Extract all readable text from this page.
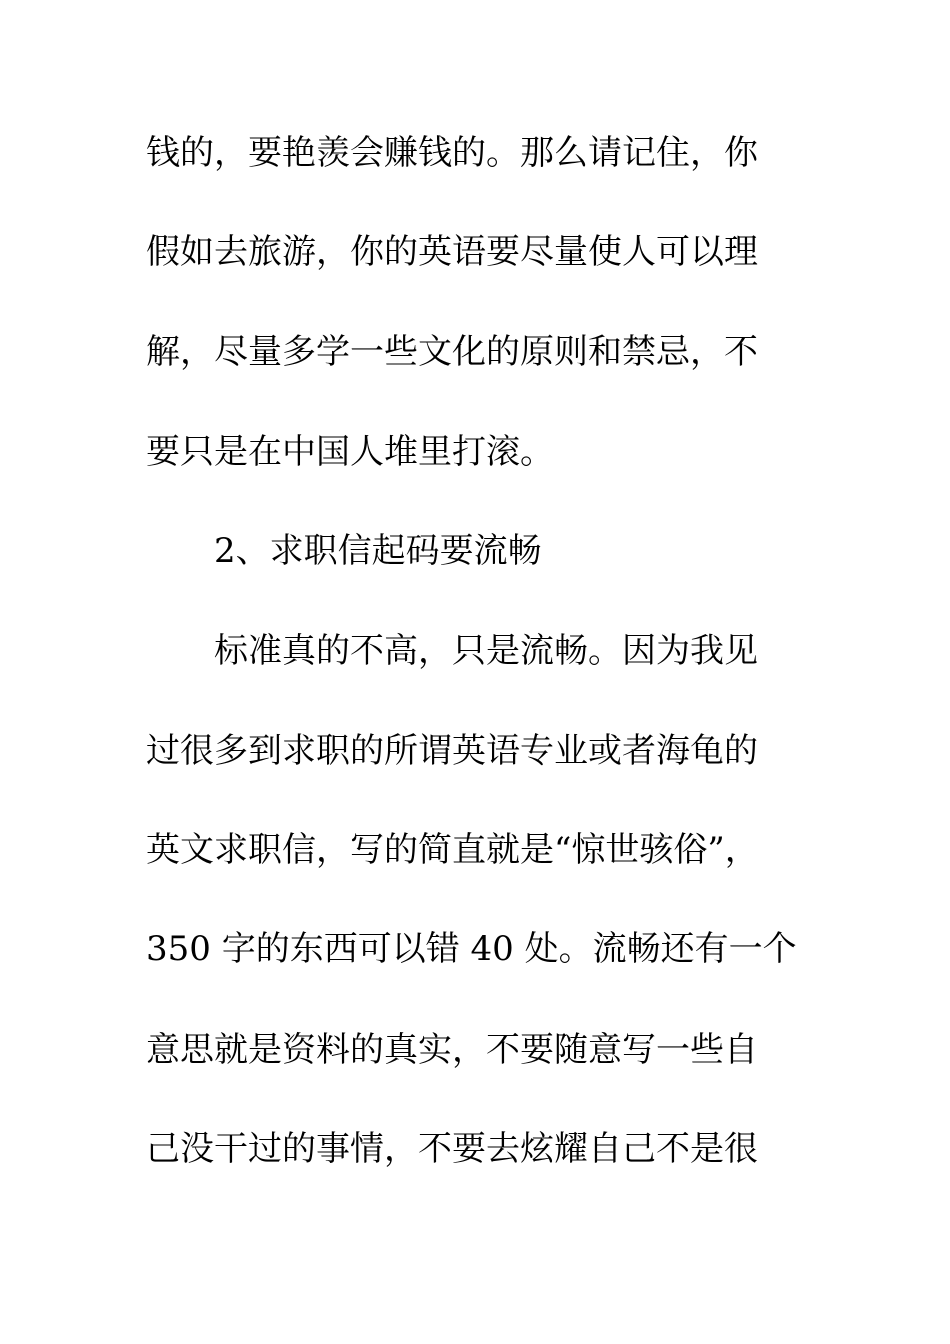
钱的，要艳羡会赚钱的。那么请记住，你
假如去旅游，你的英语要尽量使人可以理
解，尽量多学一些文化的原则和禁忌，不
要只是在中国人堆里打滚。
2、求职信起码要流畅
标准真的不高，只是流畅。因为我见
过很多到求职的所谓英语专业或者海龟的
英文求职信，写的简直就是“惊世骇俗”，
350 字的东西可以错 40 处。流畅还有一个
意思就是资料的真实，不要随意写一些自
己没干过的事情，不要去炫耀自己不是很
